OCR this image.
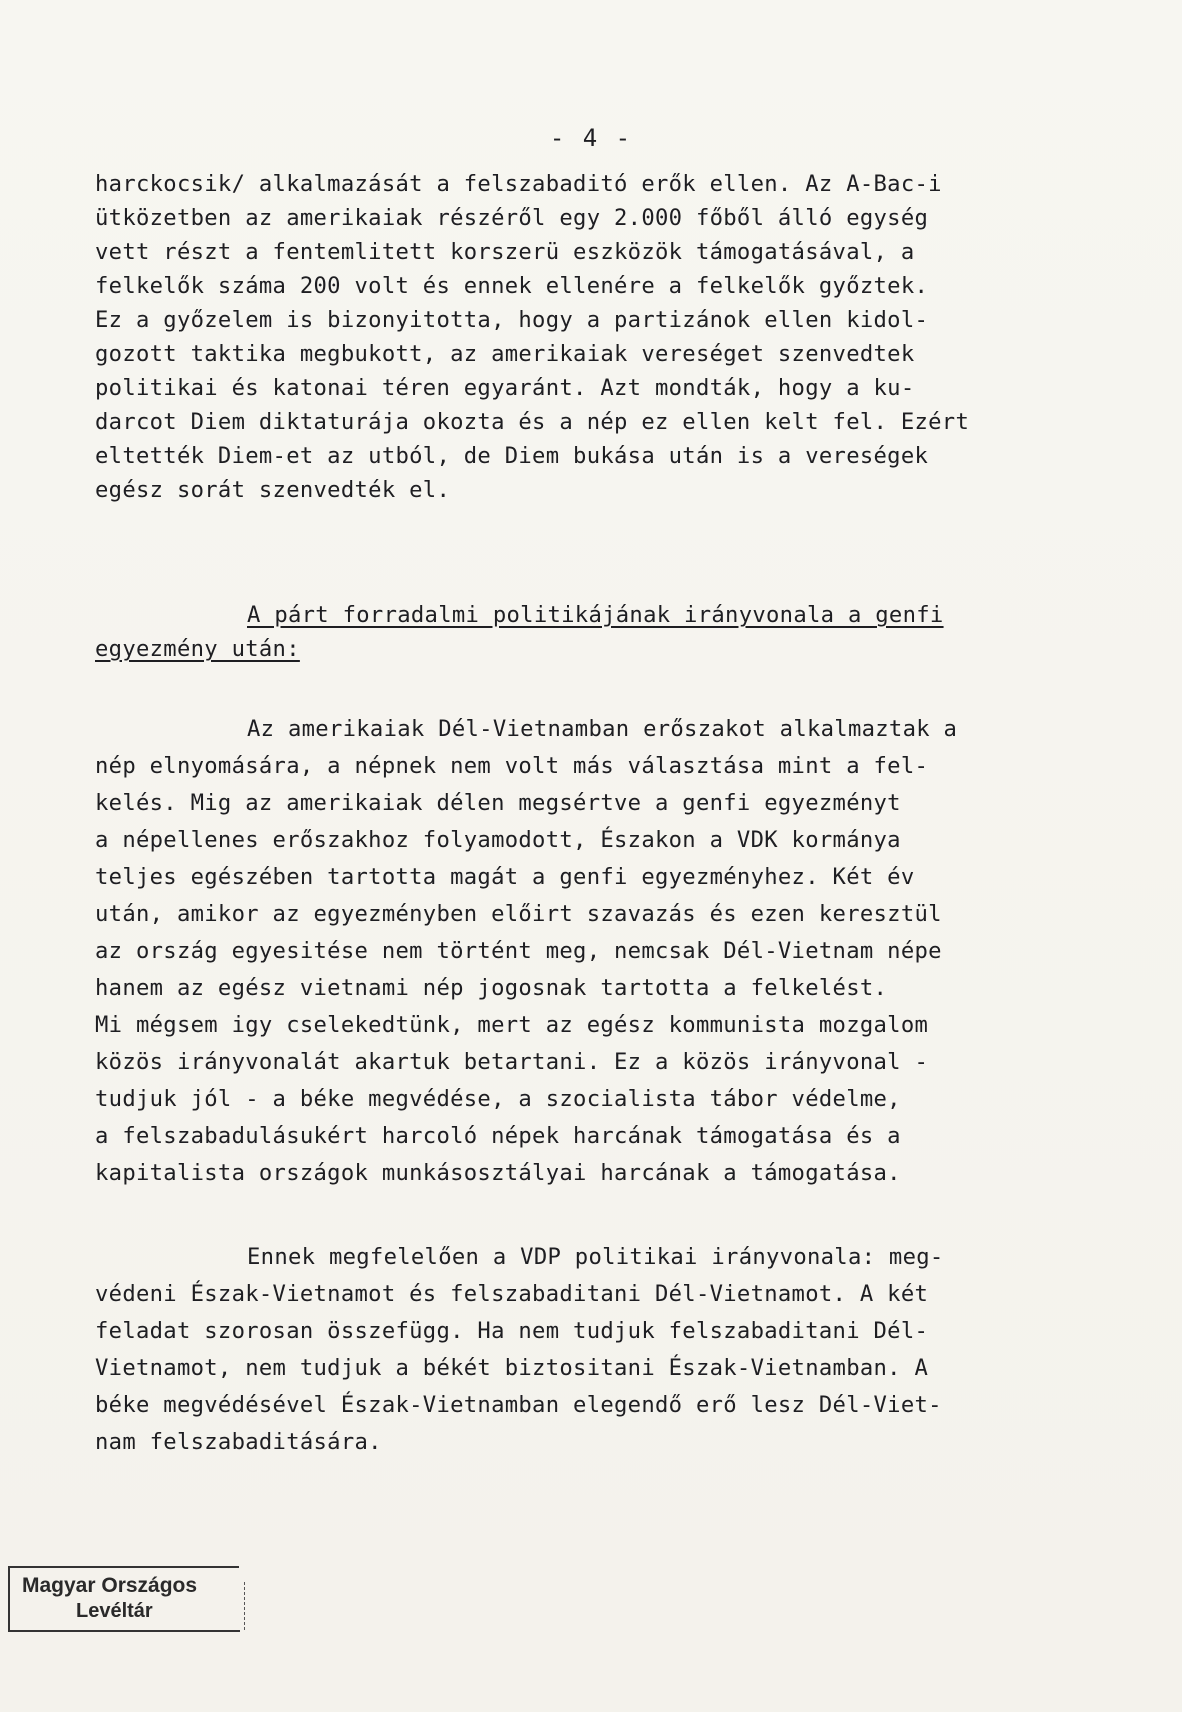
- 4 -
harckocsik/ alkalmazását a felszabaditó erők ellen. Az A-Bac-i
ütközetben az amerikaiak részéről egy 2.000 főből álló egység
vett részt a fentemlitett korszerü eszközök támogatásával, a
felkelők száma 200 volt és ennek ellenére a felkelők győztek.
Ez a győzelem is bizonyitotta, hogy a partizánok ellen kidol-
gozott taktika megbukott, az amerikaiak vereséget szenvedtek
politikai és katonai téren egyaránt. Azt mondták, hogy a ku-
darcot Diem diktaturája okozta és a nép ez ellen kelt fel. Ezért
eltették Diem-et az utból, de Diem bukása után is a vereségek
egész sorát szenvedték el.
A párt forradalmi politikájának irányvonala a genfi
egyezmény után:
Az amerikaiak Dél-Vietnamban erőszakot alkalmaztak a
nép elnyomására, a népnek nem volt más választása mint a fel-
kelés. Mig az amerikaiak délen megsértve a genfi egyezményt
a népellenes erőszakhoz folyamodott, Északon a VDK kormánya
teljes egészében tartotta magát a genfi egyezményhez. Két év
után, amikor az egyezményben előirt szavazás és ezen keresztül
az ország egyesitése nem történt meg, nemcsak Dél-Vietnam népe
hanem az egész vietnami nép jogosnak tartotta a felkelést.
Mi mégsem igy cselekedtünk, mert az egész kommunista mozgalom
közös irányvonalát akartuk betartani. Ez a közös irányvonal -
tudjuk jól - a béke megvédése, a szocialista tábor védelme,
a felszabadulásukért harcoló népek harcának támogatása és a
kapitalista országok munkásosztályai harcának a támogatása.
Ennek megfelelően a VDP politikai irányvonala: meg-
védeni Észak-Vietnamot és felszabaditani Dél-Vietnamot. A két
feladat szorosan összefügg. Ha nem tudjuk felszabaditani Dél-
Vietnamot, nem tudjuk a békét biztositani Észak-Vietnamban. A
béke megvédésével Észak-Vietnamban elegendő erő lesz Dél-Viet-
nam felszabaditására.
Magyar Országos
Levéltár
